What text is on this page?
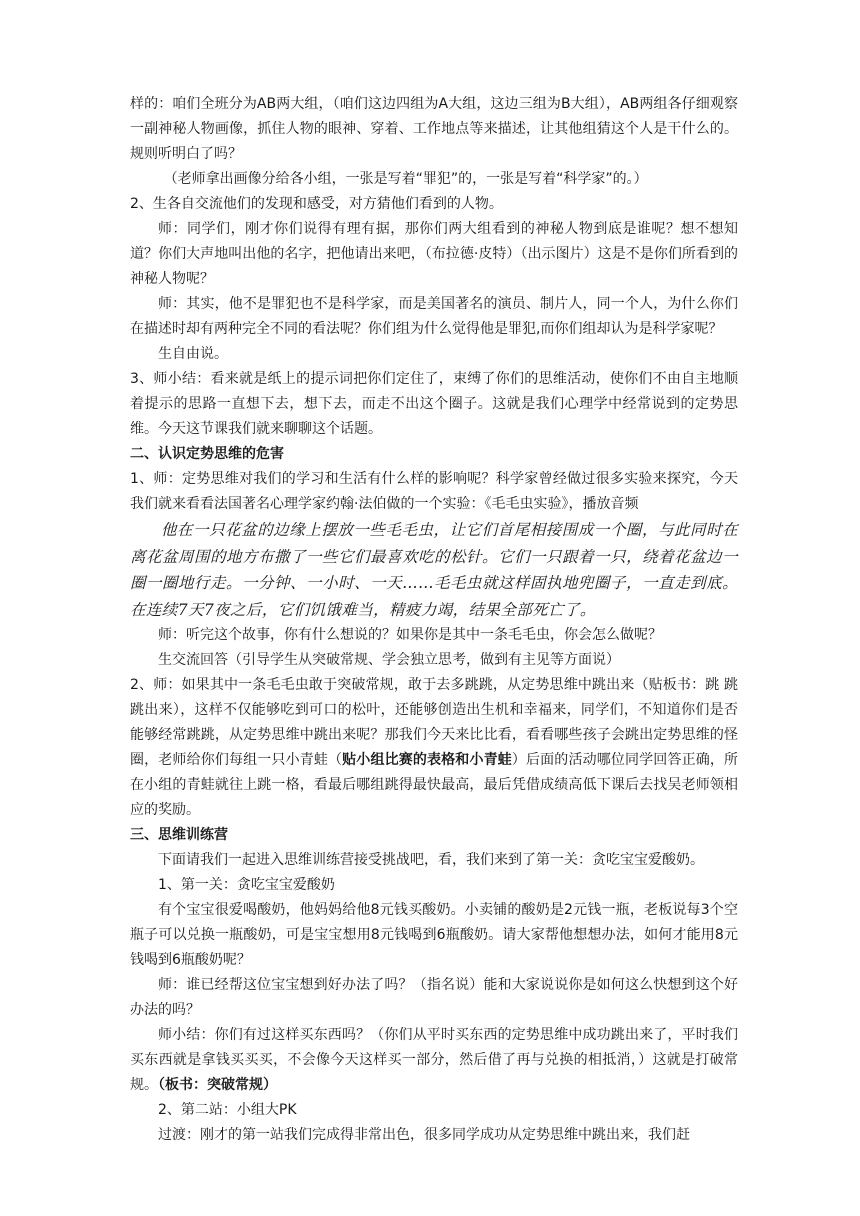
样的：咱们全班分为AB两大组，（咱们这边四组为A大组，这边三组为B大组），AB两组各仔细观察一副神秘人物画像，抓住人物的眼神、穿着、工作地点等来描述，让其他组猜这个人是干什么的。规则听明白了吗？

（老师拿出画像分给各小组，一张是写着“罪犯”的，一张是写着“科学家”的。）

2、生各自交流他们的发现和感受，对方猜他们看到的人物。

师：同学们，刚才你们说得有理有据，那你们两大组看到的神秘人物到底是谁呢？想不想知道？你们大声地叫出他的名字，把他请出来吧，（布拉德·皮特）（出示图片）这是不是你们所看到的神秘人物呢？

师：其实，他不是罪犯也不是科学家，而是美国著名的演员、制片人，同一个人，为什么你们在描述时却有两种完全不同的看法呢？你们组为什么觉得他是罪犯,而你们组却认为是科学家呢？

生自由说。

3、师小结：看来就是纸上的提示词把你们定住了，束缚了你们的思维活动，使你们不由自主地顺着提示的思路一直想下去，想下去，而走不出这个圈子。这就是我们心理学中经常说到的定势思维。今天这节课我们就来聊聊这个话题。

二、认识定势思维的危害

1、师：定势思维对我们的学习和生活有什么样的影响呢？科学家曾经做过很多实验来探究，今天我们就来看看法国著名心理学家约翰·法伯做的一个实验：《毛毛虫实验》，播放音频

他在一只花盆的边缘上摆放一些毛毛虫，让它们首尾相接围成一个圈，与此同时在离花盆周围的地方布撒了一些它们最喜欢吃的松针。它们一只跟着一只，绕着花盆边一圈一圈地行走。一分钟、一小时、一天……毛毛虫就这样固执地兜圈子，一直走到底。在连续7天7夜之后，它们饥饿难当，精疲力竭，结果全部死亡了。

师：听完这个故事，你有什么想说的？如果你是其中一条毛毛虫，你会怎么做呢？

生交流回答（引导学生从突破常规、学会独立思考，做到有主见等方面说）

2、师：如果其中一条毛毛虫敢于突破常规，敢于去多跳跳，从定势思维中跳出来（贴板书：跳 跳 跳出来），这样不仅能够吃到可口的松叶，还能够创造出生机和幸福来，同学们，不知道你们是否能够经常跳跳，从定势思维中跳出来呢？那我们今天来比比看，看看哪些孩子会跳出定势思维的怪圈，老师给你们每组一只小青蛙（贴小组比赛的表格和小青蛙）后面的活动哪位同学回答正确，所在小组的青蛙就往上跳一格，看最后哪组跳得最快最高，最后凭借成绩高低下课后去找吴老师领相应的奖励。

三、思维训练营

下面请我们一起进入思维训练营接受挑战吧，看，我们来到了第一关：贪吃宝宝爱酸奶。

1、第一关：贪吃宝宝爱酸奶

有个宝宝很爱喝酸奶，他妈妈给他8元钱买酸奶。小卖铺的酸奶是2元钱一瓶，老板说每3个空瓶子可以兑换一瓶酸奶，可是宝宝想用8元钱喝到6瓶酸奶。请大家帮他想想办法，如何才能用8元钱喝到6瓶酸奶呢？

师：谁已经帮这位宝宝想到好办法了吗？（指名说）能和大家说说你是如何这么快想到这个好办法的吗？

师小结：你们有过这样买东西吗？（你们从平时买东西的定势思维中成功跳出来了，平时我们买东西就是拿钱买买买，不会像今天这样买一部分，然后借了再与兑换的相抵消，）这就是打破常规。（板书：突破常规）

2、第二站：小组大PK

过渡：刚才的第一站我们完成得非常出色，很多同学成功从定势思维中跳出来，我们赶
